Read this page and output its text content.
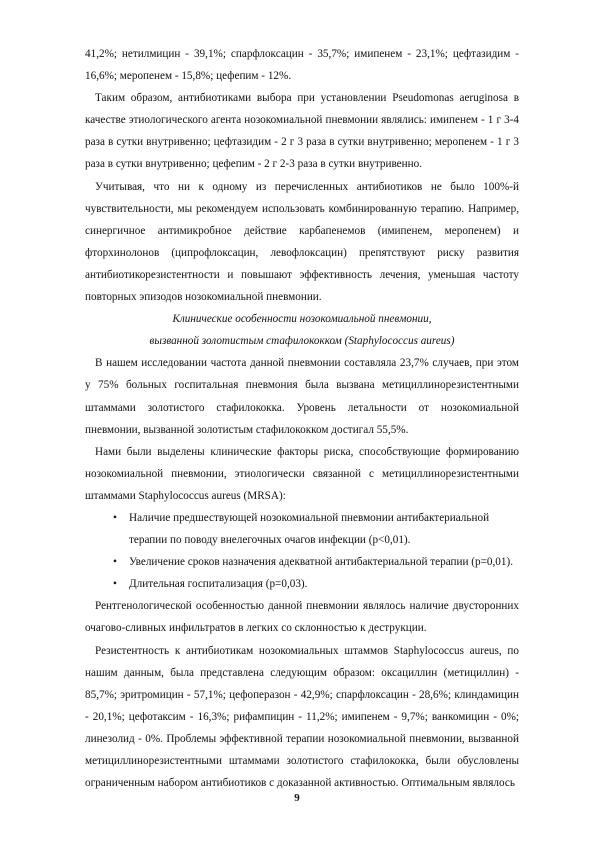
41,2%; нетилмицин - 39,1%; спарфлоксацин - 35,7%; имипенем - 23,1%; цефтазидим - 16,6%; меропенем - 15,8%; цефепим - 12%.

Таким образом, антибиотиками выбора при установлении Pseudomonas aeruginosa в качестве этиологического агента нозокомиальной пневмонии являлись: имипенем - 1 г 3-4 раза в сутки внутривенно; цефтазидим - 2 г 3 раза в сутки внутривенно; меропенем - 1 г 3 раза в сутки внутривенно; цефепим - 2 г 2-3 раза в сутки внутривенно.

Учитывая, что ни к одному из перечисленных антибиотиков не было 100%-й чувствительности, мы рекомендуем использовать комбинированную терапию. Например, синергичное антимикробное действие карбапенемов (имипенем, меропенем) и фторхинолонов (ципрофлоксацин, левофлоксацин) препятствуют риску развития антибиотикорезистентности и повышают эффективность лечения, уменьшая частоту повторных эпизодов нозокомиальной пневмонии.

Клинические особенности нозокомиальной пневмонии,

вызванной золотистым стафилококком (Staphylococcus aureus)

В нашем исследовании частота данной пневмонии составляла 23,7% случаев, при этом у 75% больных госпитальная пневмония была вызвана метициллинорезистентными штаммами золотистого стафилококка. Уровень летальности от нозокомиальной пневмонии, вызванной золотистым стафилококком достигал 55,5%.

Нами были выделены клинические факторы риска, способствующие формированию нозокомиальной пневмонии, этиологически связанной с метициллинорезистентными штаммами Staphylococcus aureus (MRSA):

• Наличие предшествующей нозокомиальной пневмонии антибактериальной терапии по поводу внелегочных очагов инфекции (р<0,01).
• Увеличение сроков назначения адекватной антибактериальной терапии (р=0,01).
• Длительная госпитализация (р=0,03).

Рентгенологической особенностью данной пневмонии являлось наличие двусторонних очагово-сливных инфильтратов в легких со склонностью к деструкции.

Резистентность к антибиотикам нозокомиальных штаммов Staphylococcus aureus, по нашим данным, была представлена следующим образом: оксациллин (метициллин) - 85,7%; эритромицин - 57,1%; цефоперазон - 42,9%; спарфлоксацин - 28,6%; клиндамицин - 20,1%; цефотаксим - 16,3%; рифампицин - 11,2%; имипенем - 9,7%; ванкомицин - 0%; линезолид - 0%. Проблемы эффективной терапии нозокомиальной пневмонии, вызванной метициллинорезистентными штаммами золотистого стафилококка, были обусловлены ограниченным набором антибиотиков с доказанной активностью. Оптимальным являлось

9
